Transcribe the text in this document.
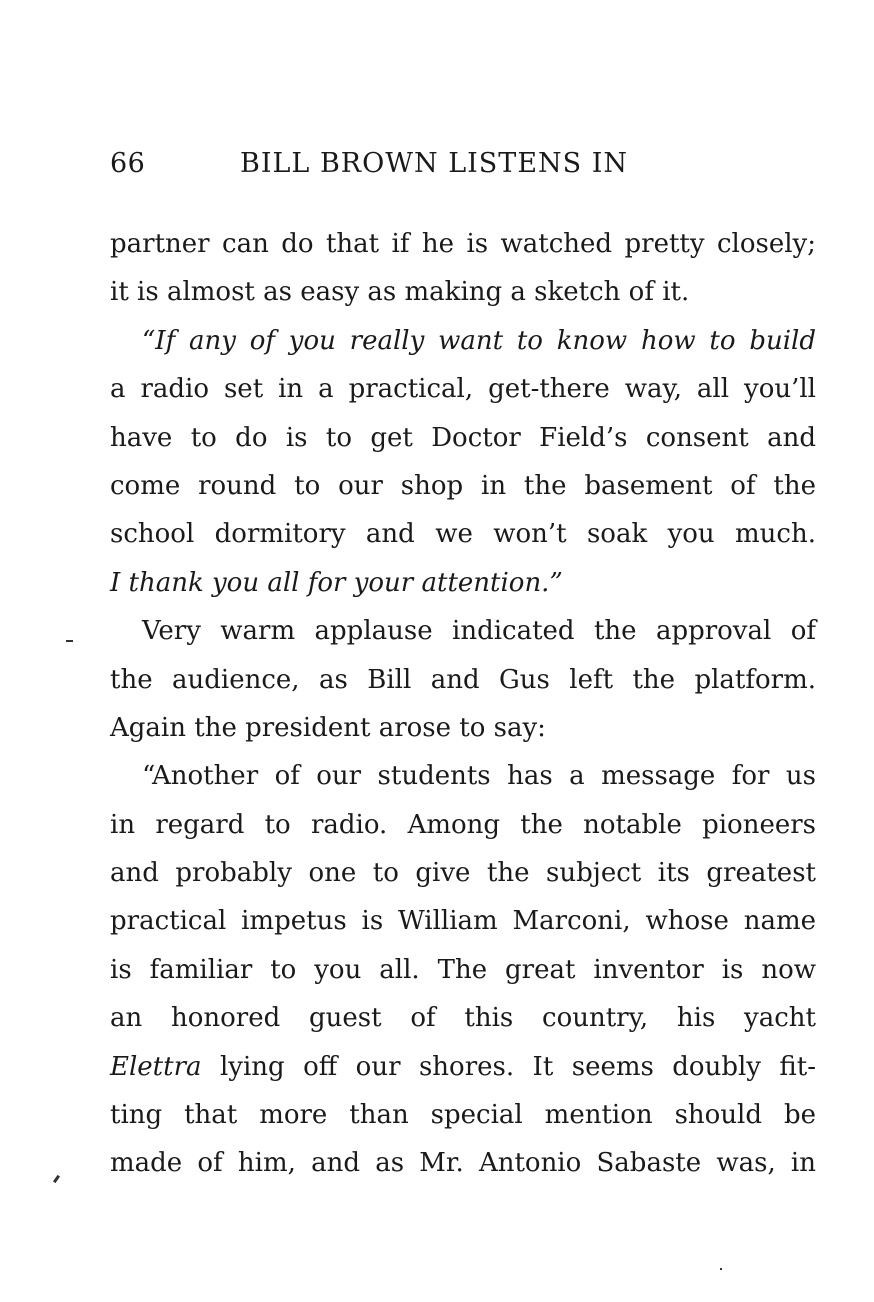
66	BILL BROWN LISTENS IN
partner can do that if he is watched pretty closely;
it is almost as easy as making a sketch of it.
“If any of you really want to know how to build
a radio set in a practical, get-there way, all you’ll
have to do is to get Doctor Field’s consent and
come round to our shop in the basement of the
school dormitory and we won’t soak you much.
I thank you all for your attention.”
Very warm applause indicated the approval of
the audience, as Bill and Gus left the platform.
Again the president arose to say:
“Another of our students has a message for us
in regard to radio. Among the notable pioneers
and probably one to give the subject its greatest
practical impetus is William Marconi, whose name
is familiar to you all. The great inventor is now
an honored guest of this country, his yacht
Elettra lying off our shores. It seems doubly fit-
ting that more than special mention should be
made of him, and as Mr. Antonio Sabaste was, in
